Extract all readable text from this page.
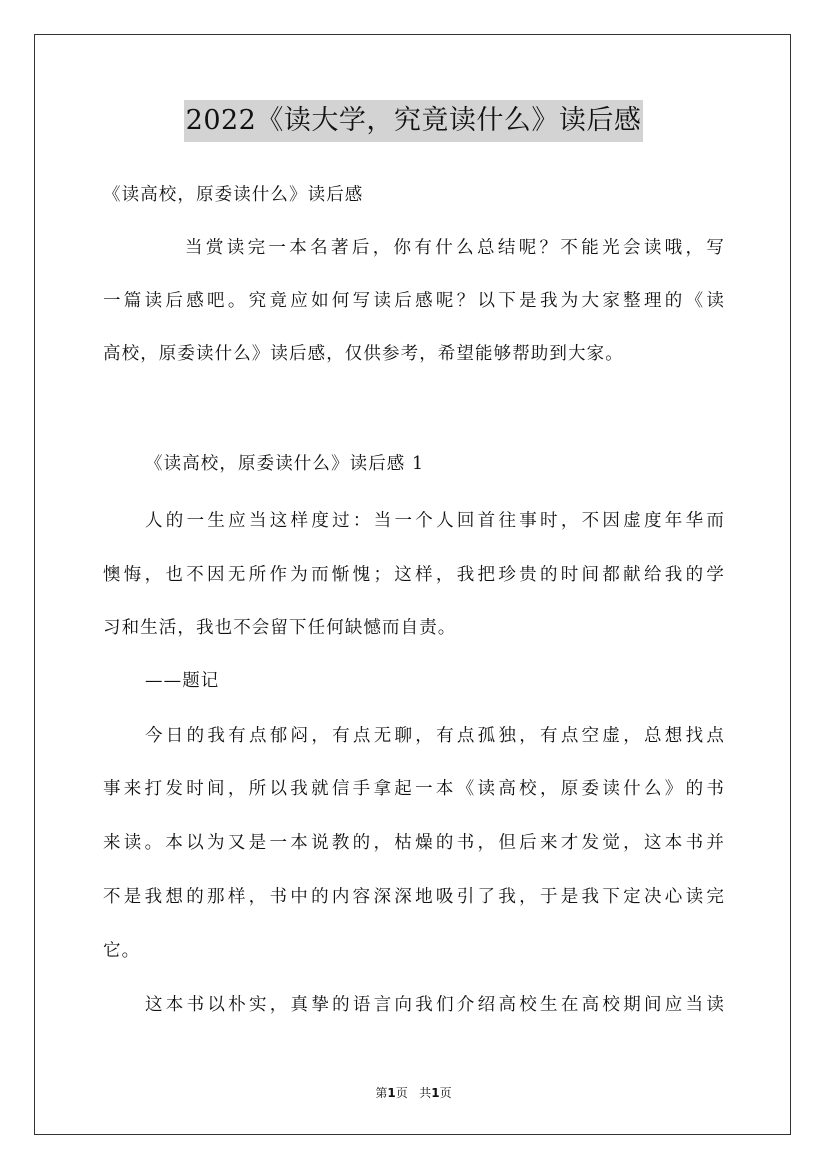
2022《读大学，究竟读什么》读后感
《读高校，原委读什么》读后感
当赏读完一本名著后，你有什么总结呢？不能光会读哦，写
一篇读后感吧。究竟应如何写读后感呢？以下是我为大家整理的《读
高校，原委读什么》读后感，仅供参考，希望能够帮助到大家。
《读高校，原委读什么》读后感 1
人的一生应当这样度过：当一个人回首往事时，不因虚度年华而
懊悔，也不因无所作为而惭愧；这样，我把珍贵的时间都献给我的学
习和生活，我也不会留下任何缺憾而自责。
——题记
今日的我有点郁闷，有点无聊，有点孤独，有点空虚，总想找点
事来打发时间，所以我就信手拿起一本《读高校，原委读什么》的书
来读。本以为又是一本说教的，枯燥的书，但后来才发觉，这本书并
不是我想的那样，书中的内容深深地吸引了我，于是我下定决心读完
它。
这本书以朴实，真挚的语言向我们介绍高校生在高校期间应当读
第1页 共1页
